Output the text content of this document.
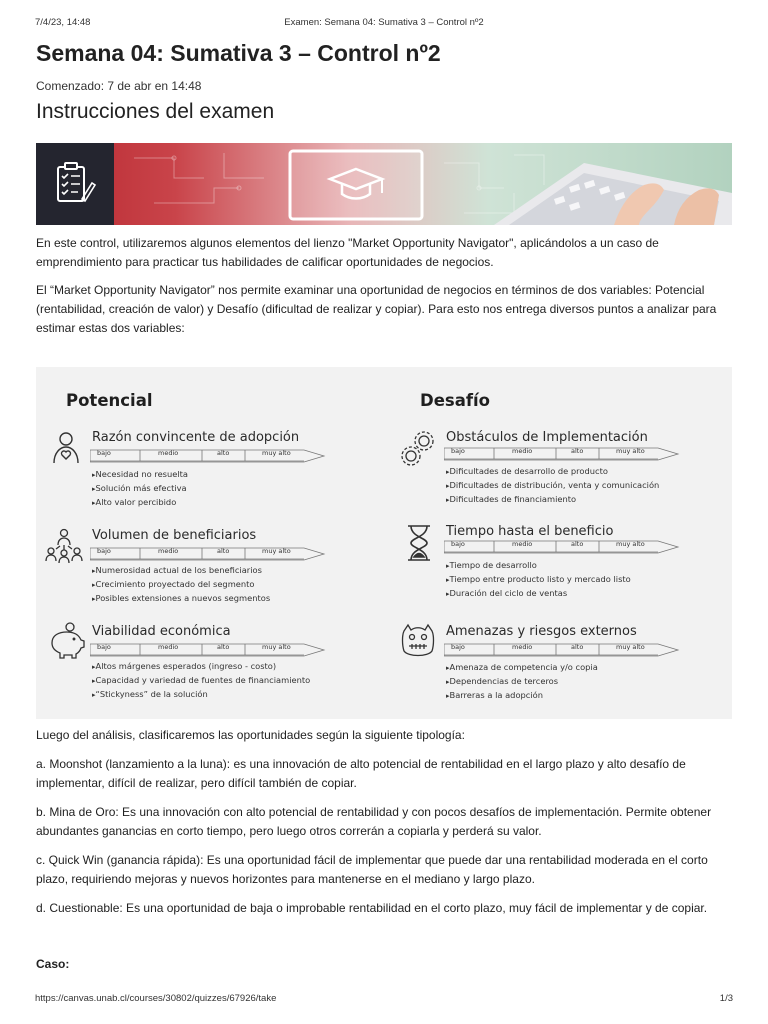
7/4/23, 14:48	Examen: Semana 04: Sumativa 3 – Control nº2
Semana 04: Sumativa 3 – Control nº2
Comenzado: 7 de abr en 14:48
Instrucciones del examen

En este control, utilizaremos algunos elementos del lienzo "Market Opportunity Navigator", aplicándolos a un caso de emprendimiento para practicar tus habilidades de calificar oportunidades de negocios.

El “Market Opportunity Navigator” nos permite examinar una oportunidad de negocios en términos de dos variables: Potencial (rentabilidad, creación de valor) y Desafío (dificultad de realizar y copiar). Para esto nos entrega diversos puntos a analizar para estimar estas dos variables:

Potencial	Desafío
Razón convincente de adopción
bajo	medio	alto	muy alto
▸ Necesidad no resuelta
▸ Solución más efectiva
▸ Alto valor percibido
Volumen de beneficiarios
bajo	medio	alto	muy alto
▸ Numerosidad actual de los beneficiarios
▸ Crecimiento proyectado del segmento
▸ Posibles extensiones a nuevos segmentos
Viabilidad económica
bajo	medio	alto	muy alto
▸ Altos márgenes esperados (ingreso - costo)
▸ Capacidad y variedad de fuentes de financiamiento
▸ “Stickyness” de la solución
Obstáculos de Implementación
bajo	medio	alto	muy alto
▸ Dificultades de desarrollo de producto
▸ Dificultades de distribución, venta y comunicación
▸ Dificultades de financiamiento
Tiempo hasta el beneficio
bajo	medio	alto	muy alto
▸ Tiempo de desarrollo
▸ Tiempo entre producto listo y mercado listo
▸ Duración del ciclo de ventas
Amenazas y riesgos externos
bajo	medio	alto	muy alto
▸ Amenaza de competencia y/o copia
▸ Dependencias de terceros
▸ Barreras a la adopción

Luego del análisis, clasificaremos las oportunidades según la siguiente tipología:

a. Moonshot (lanzamiento a la luna): es una innovación de alto potencial de rentabilidad en el largo plazo y alto desafío de implementar, difícil de realizar, pero difícil también de copiar.

b. Mina de Oro: Es una innovación con alto potencial de rentabilidad y con pocos desafíos de implementación. Permite obtener abundantes ganancias en corto tiempo, pero luego otros correrán a copiarla y perderá su valor.

c. Quick Win (ganancia rápida): Es una oportunidad fácil de implementar que puede dar una rentabilidad moderada en el corto plazo, requiriendo mejoras y nuevos horizontes para mantenerse en el mediano y largo plazo.

d. Cuestionable: Es una oportunidad de baja o improbable rentabilidad en el corto plazo, muy fácil de implementar y de copiar.

Caso:
https://canvas.unab.cl/courses/30802/quizzes/67926/take	1/3
